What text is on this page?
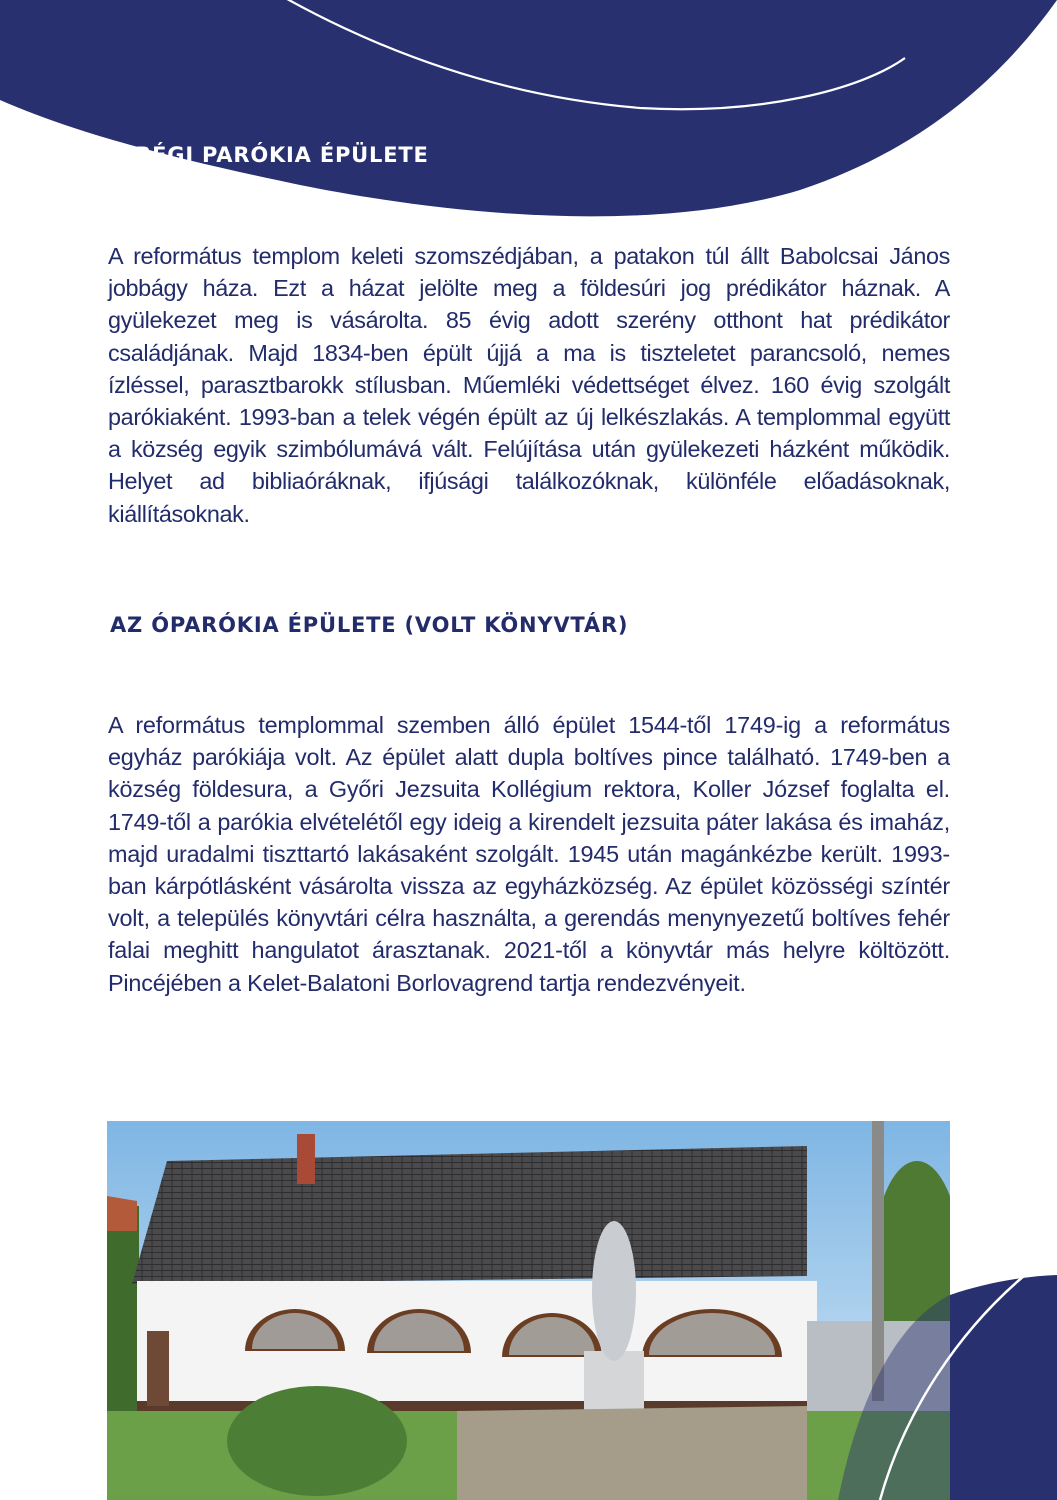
A RÉGI PARÓKIA ÉPÜLETE

A református templom keleti szomszédjában, a patakon túl állt Babolcsai János jobbágy háza. Ezt a házat jelölte meg a földesúri jog prédikátor háznak. A gyülekezet meg is vásárolta. 85 évig adott szerény otthont hat prédikátor családjának. Majd 1834-ben épült újjá a ma is tiszteletet parancsoló, nemes ízléssel, parasztbarokk stílusban. Műemléki védettséget élvez. 160 évig szolgált parókiaként. 1993-ban a telek végén épült az új lelkészlakás. A templommal együtt a község egyik szimbólumává vált. Felújítása után gyülekezeti házként működik. Helyet ad bibliaóráknak, ifjúsági találkozóknak, különféle előadásoknak, kiállításoknak.

AZ ÓPARÓKIA ÉPÜLETE (VOLT KÖNYVTÁR)

A református templommal szemben álló épület 1544-től 1749-ig a református egyház parókiája volt. Az épület alatt dupla boltíves pince található. 1749-ben a község földesura, a Győri Jezsuita Kollégium rektora, Koller József foglalta el. 1749-től a parókia elvételétől egy ideig a kirendelt jezsuita páter lakása és imaház, majd uradalmi tiszttartó lakásaként szolgált. 1945 után magánkézbe került. 1993-ban kárpótlásként vásárolta vissza az egyházközség. Az épület közösségi színtér volt, a település könyvtári célra használta, a gerendás menynyezetű boltíves fehér falai meghitt hangulatot árasztanak. 2021-től a könyvtár más helyre költözött. Pincéjében a Kelet-Balatoni Borlovagrend tartja rendezvényeit.
